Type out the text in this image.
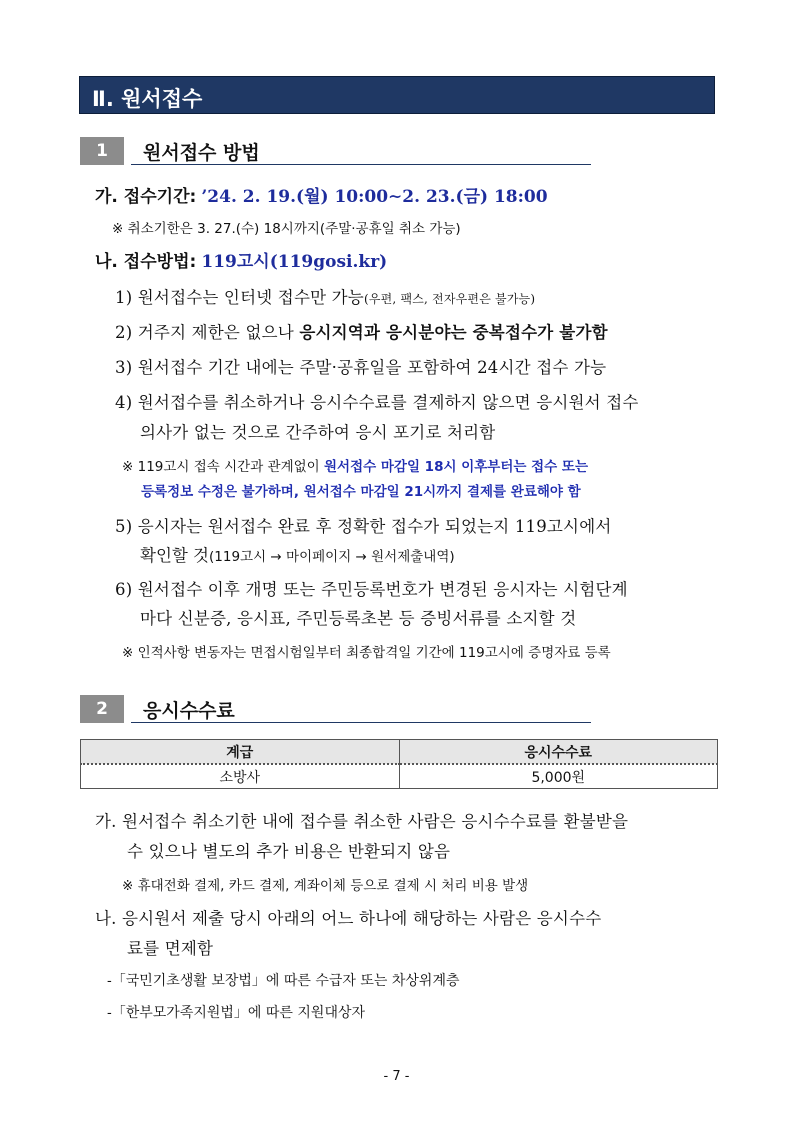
Ⅱ. 원서접수
1	원서접수 방법
가. 접수기간: ’24. 2. 19.(월) 10:00∼2. 23.(금) 18:00
※ 취소기한은 3. 27.(수) 18시까지(주말·공휴일 취소 가능)
나. 접수방법: 119고시(119gosi.kr)
1) 원서접수는 인터넷 접수만 가능(우편, 팩스, 전자우편은 불가능)
2) 거주지 제한은 없으나 응시지역과 응시분야는 중복접수가 불가함
3) 원서접수 기간 내에는 주말·공휴일을 포함하여 24시간 접수 가능
4) 원서접수를 취소하거나 응시수수료를 결제하지 않으면 응시원서 접수
의사가 없는 것으로 간주하여 응시 포기로 처리함
※ 119고시 접속 시간과 관계없이 원서접수 마감일 18시 이후부터는 접수 또는
등록정보 수정은 불가하며, 원서접수 마감일 21시까지 결제를 완료해야 함
5) 응시자는 원서접수 완료 후 정확한 접수가 되었는지 119고시에서
확인할 것(119고시 → 마이페이지 → 원서제출내역)
6) 원서접수 이후 개명 또는 주민등록번호가 변경된 응시자는 시험단계
마다 신분증, 응시표, 주민등록초본 등 증빙서류를 소지할 것
※ 인적사항 변동자는 면접시험일부터 최종합격일 기간에 119고시에 증명자료 등록
2	응시수수료
계급	응시수수료
소방사	5,000원
가. 원서접수 취소기한 내에 접수를 취소한 사람은 응시수수료를 환불받을
수 있으나 별도의 추가 비용은 반환되지 않음
※ 휴대전화 결제, 카드 결제, 계좌이체 등으로 결제 시 처리 비용 발생
나. 응시원서 제출 당시 아래의 어느 하나에 해당하는 사람은 응시수수
료를 면제함
-「국민기초생활 보장법」에 따른 수급자 또는 차상위계층
-「한부모가족지원법」에 따른 지원대상자
- 7 -
